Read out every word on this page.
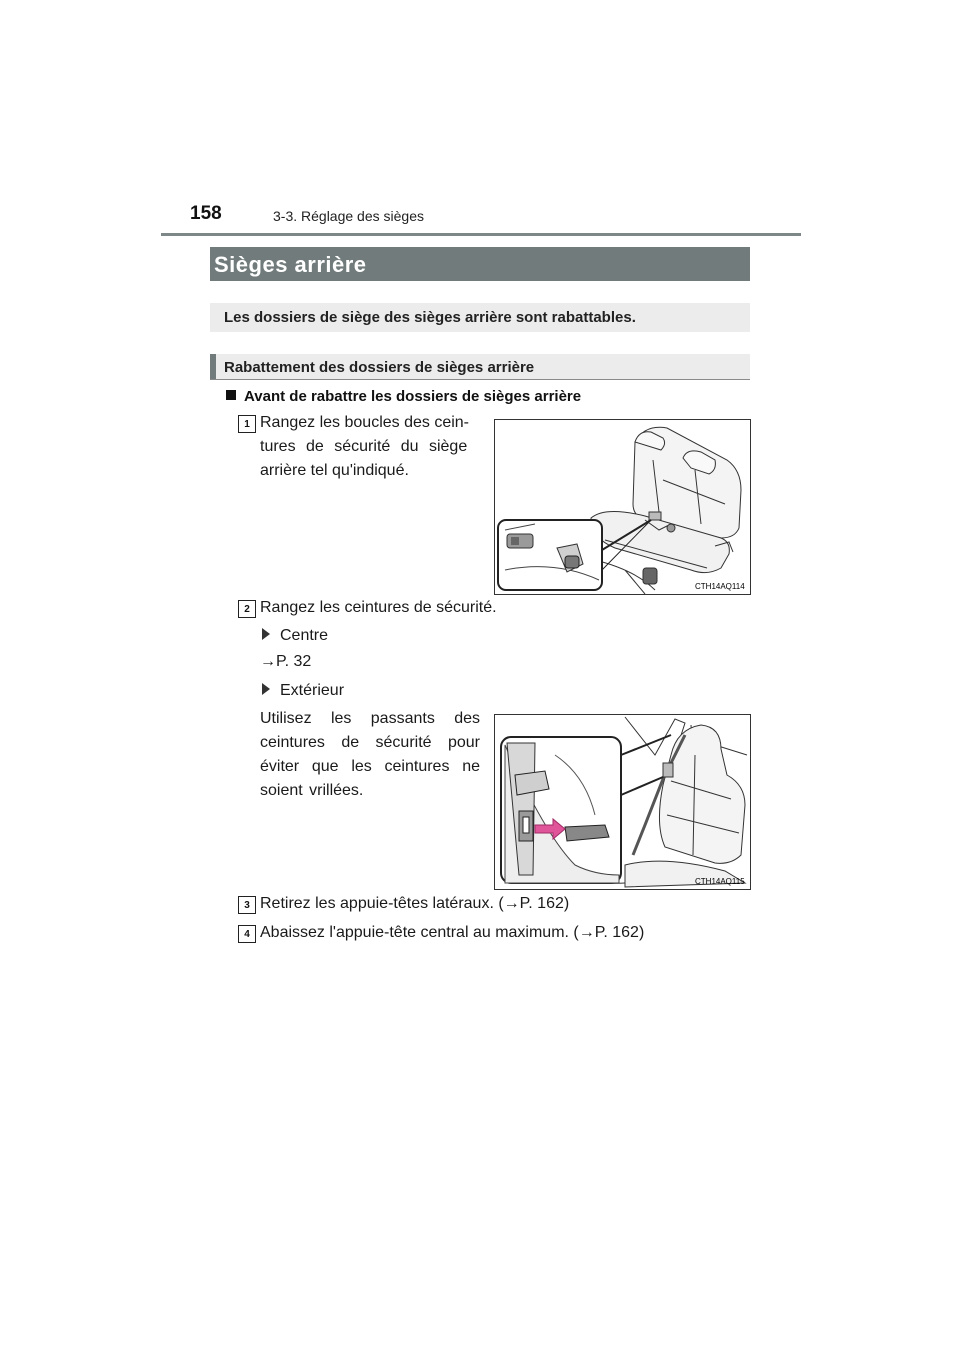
158	3-3. Réglage des sièges
Sièges arrière
Les dossiers de siège des sièges arrière sont rabattables.
Rabattement des dossiers de sièges arrière
Avant de rabattre les dossiers de sièges arrière
1 Rangez les boucles des cein-
tures de sécurité du siège
arrière tel qu'indiqué.
CTH14AQ114
2 Rangez les ceintures de sécurité.
Centre
→P. 32
Extérieur
Utilisez les passants des ceintures de sécurité pour éviter que les ceintures ne soient vrillées.
CTH14AQ115
3 Retirez les appuie-têtes latéraux. (→P. 162)
4 Abaissez l'appuie-tête central au maximum. (→P. 162)
